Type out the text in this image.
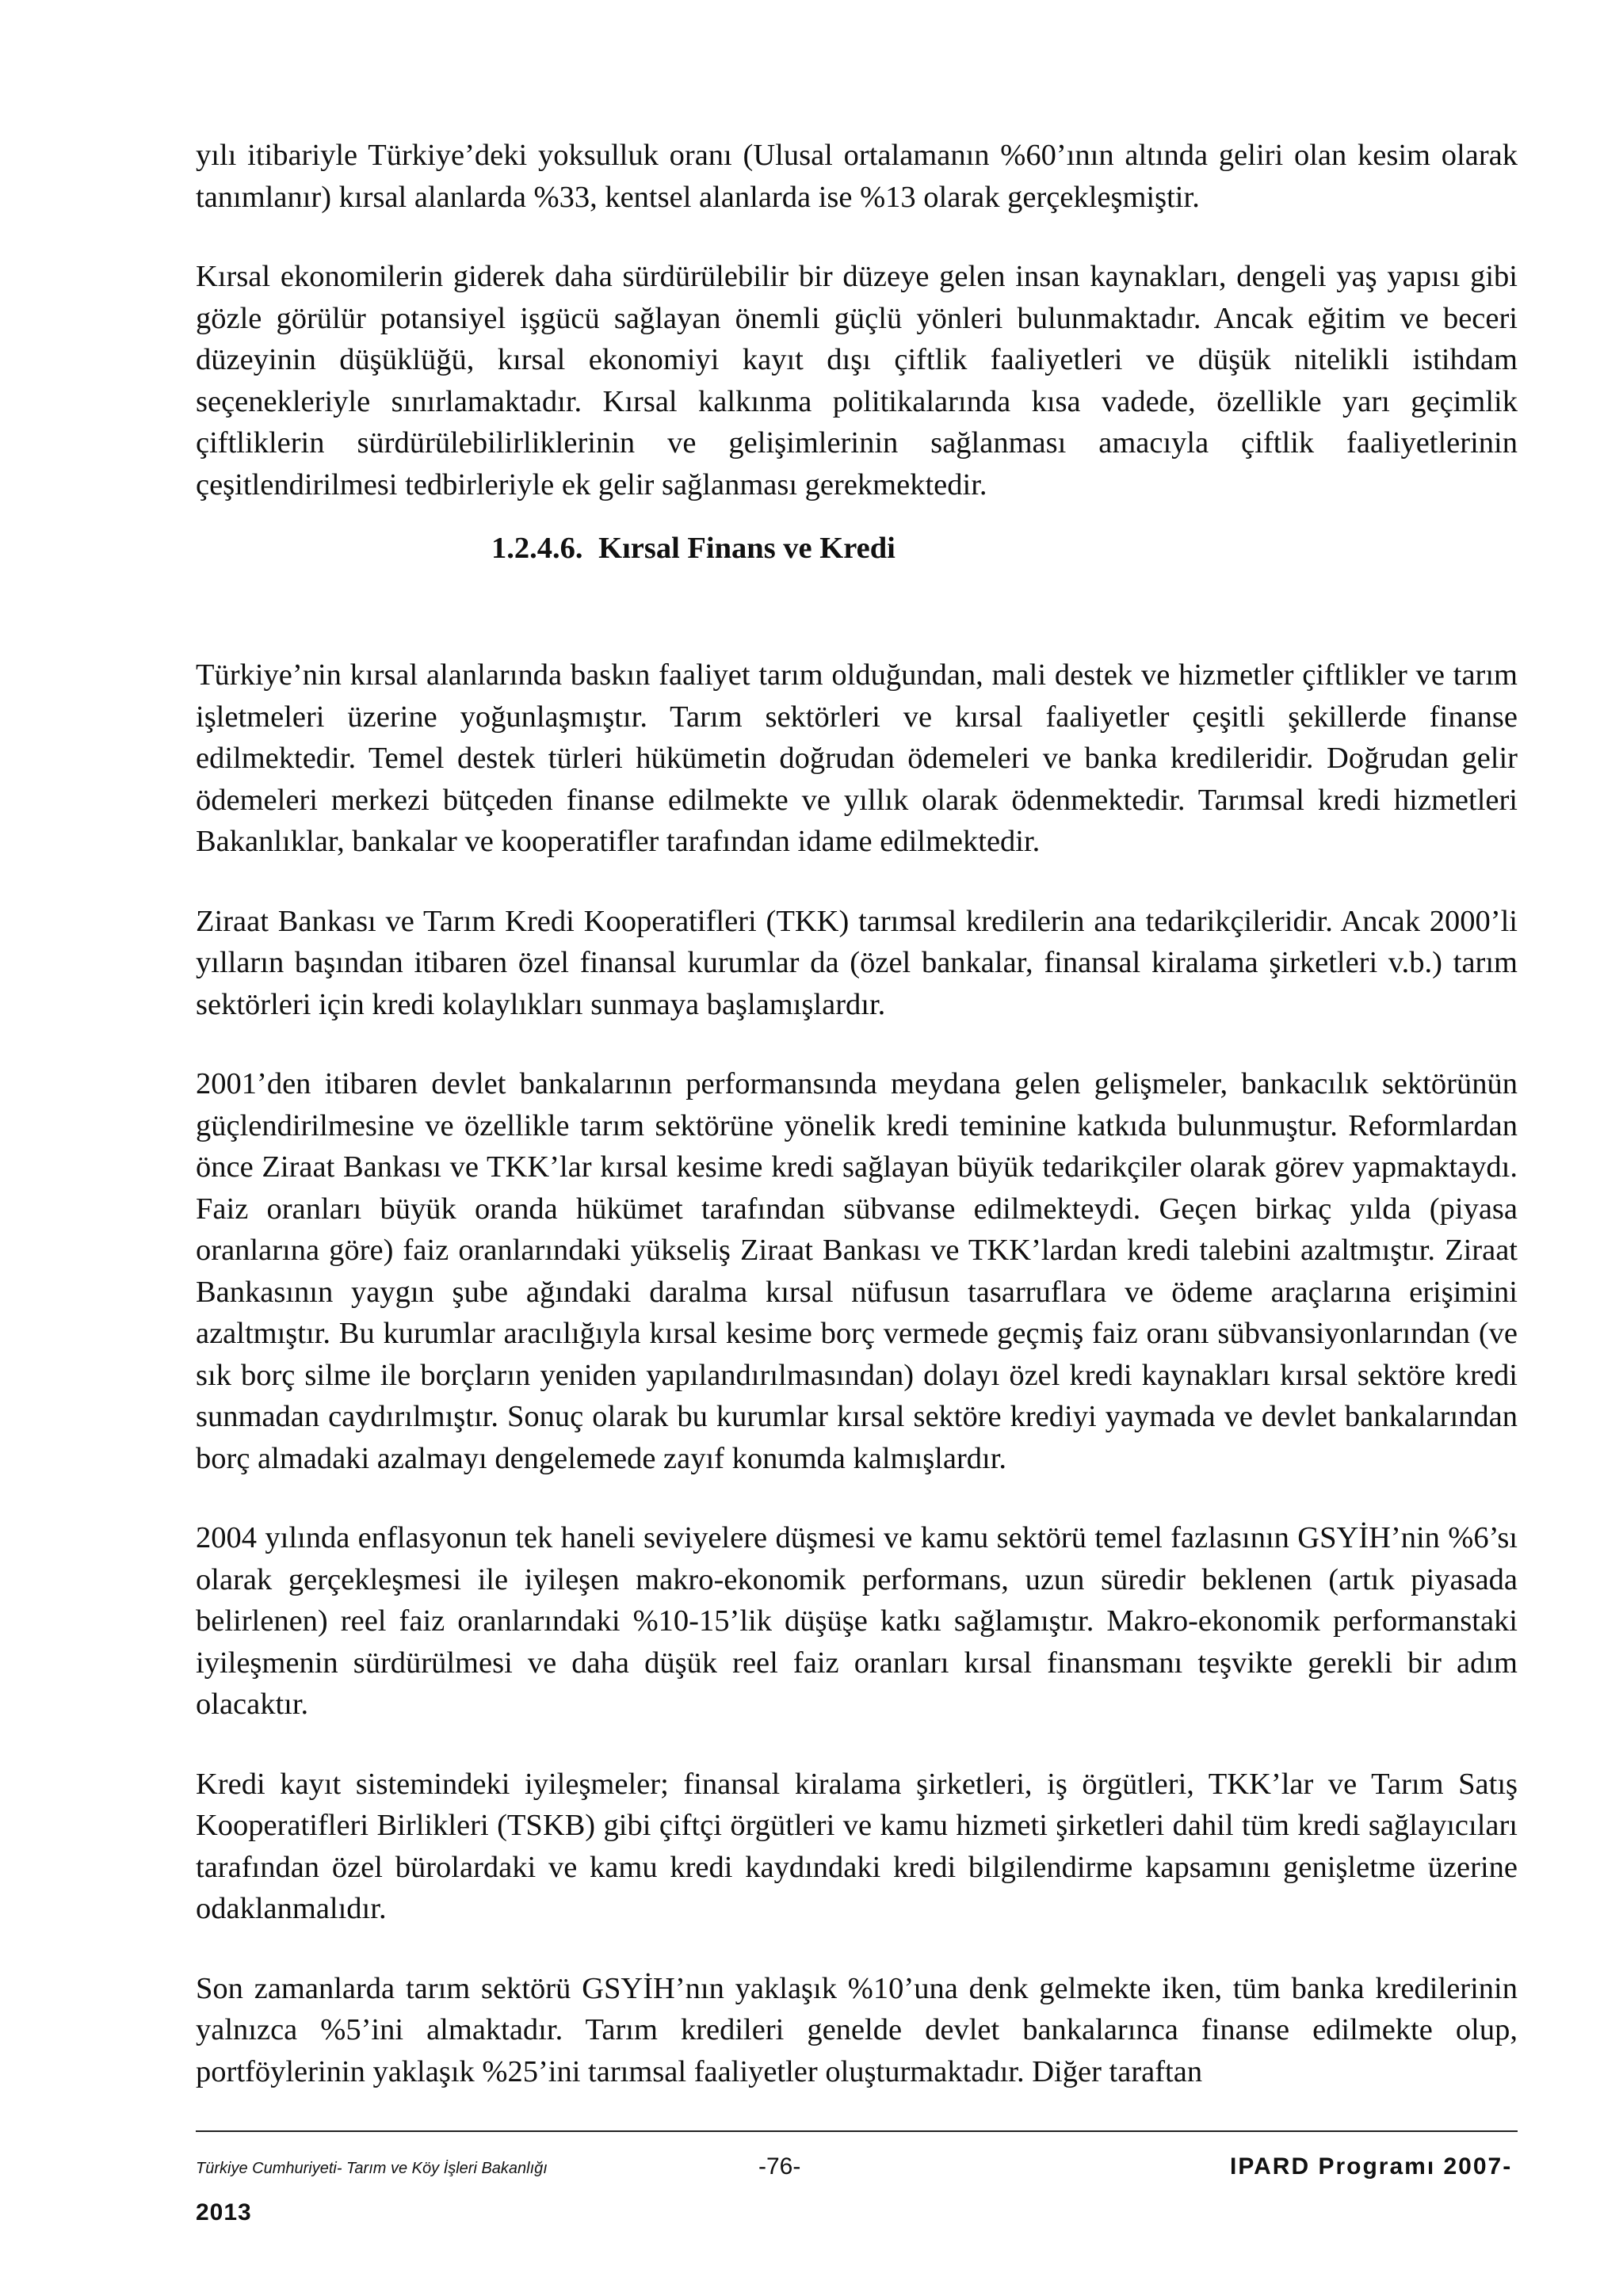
yılı itibariyle Türkiye’deki yoksulluk oranı (Ulusal ortalamanın %60’ının altında geliri olan kesim olarak tanımlanır) kırsal alanlarda %33, kentsel alanlarda ise %13 olarak gerçekleşmiştir.

Kırsal ekonomilerin giderek daha sürdürülebilir bir düzeye gelen insan kaynakları, dengeli yaş yapısı gibi gözle görülür potansiyel işgücü sağlayan önemli güçlü yönleri bulunmaktadır. Ancak eğitim ve beceri düzeyinin düşüklüğü, kırsal ekonomiyi kayıt dışı çiftlik faaliyetleri ve düşük nitelikli istihdam seçenekleriyle sınırlamaktadır. Kırsal kalkınma politikalarında kısa vadede, özellikle yarı geçimlik çiftliklerin sürdürülebilirliklerinin ve gelişimlerinin sağlanması amacıyla çiftlik faaliyetlerinin çeşitlendirilmesi tedbirleriyle ek gelir sağlanması gerekmektedir.

1.2.4.6. Kırsal Finans ve Kredi

Türkiye’nin kırsal alanlarında baskın faaliyet tarım olduğundan, mali destek ve hizmetler çiftlikler ve tarım işletmeleri üzerine yoğunlaşmıştır. Tarım sektörleri ve kırsal faaliyetler çeşitli şekillerde finanse edilmektedir. Temel destek türleri hükümetin doğrudan ödemeleri ve banka kredileridir. Doğrudan gelir ödemeleri merkezi bütçeden finanse edilmekte ve yıllık olarak ödenmektedir. Tarımsal kredi hizmetleri Bakanlıklar, bankalar ve kooperatifler tarafından idame edilmektedir.

Ziraat Bankası ve Tarım Kredi Kooperatifleri (TKK) tarımsal kredilerin ana tedarikçileridir. Ancak 2000’li yılların başından itibaren özel finansal kurumlar da (özel bankalar, finansal kiralama şirketleri v.b.) tarım sektörleri için kredi kolaylıkları sunmaya başlamışlardır.

2001’den itibaren devlet bankalarının performansında meydana gelen gelişmeler, bankacılık sektörünün güçlendirilmesine ve özellikle tarım sektörüne yönelik kredi teminine katkıda bulunmuştur. Reformlardan önce Ziraat Bankası ve TKK’lar kırsal kesime kredi sağlayan büyük tedarikçiler olarak görev yapmaktaydı. Faiz oranları büyük oranda hükümet tarafından sübvanse edilmekteydi. Geçen birkaç yılda (piyasa oranlarına göre) faiz oranlarındaki yükseliş Ziraat Bankası ve TKK’lardan kredi talebini azaltmıştır. Ziraat Bankasının yaygın şube ağındaki daralma kırsal nüfusun tasarruflara ve ödeme araçlarına erişimini azaltmıştır. Bu kurumlar aracılığıyla kırsal kesime borç vermede geçmiş faiz oranı sübvansiyonlarından (ve sık borç silme ile borçların yeniden yapılandırılmasından) dolayı özel kredi kaynakları kırsal sektöre kredi sunmadan caydırılmıştır. Sonuç olarak bu kurumlar kırsal sektöre krediyi yaymada ve devlet bankalarından borç almadaki azalmayı dengelemede zayıf konumda kalmışlardır.

2004 yılında enflasyonun tek haneli seviyelere düşmesi ve kamu sektörü temel fazlasının GSYİH’nin %6’sı olarak gerçekleşmesi ile iyileşen makro-ekonomik performans, uzun süredir beklenen (artık piyasada belirlenen) reel faiz oranlarındaki %10-15’lik düşüşe katkı sağlamıştır. Makro-ekonomik performanstaki iyileşmenin sürdürülmesi ve daha düşük reel faiz oranları kırsal finansmanı teşvikte gerekli bir adım olacaktır.

Kredi kayıt sistemindeki iyileşmeler; finansal kiralama şirketleri, iş örgütleri, TKK’lar ve Tarım Satış Kooperatifleri Birlikleri (TSKB) gibi çiftçi örgütleri ve kamu hizmeti şirketleri dahil tüm kredi sağlayıcıları tarafından özel bürolardaki ve kamu kredi kaydındaki kredi bilgilendirme kapsamını genişletme üzerine odaklanmalıdır.

Son zamanlarda tarım sektörü GSYİH’nın yaklaşık %10’una denk gelmekte iken, tüm banka kredilerinin yalnızca %5’ini almaktadır. Tarım kredileri genelde devlet bankalarınca finanse edilmekte olup, portföylerinin yaklaşık %25’ini tarımsal faaliyetler oluşturmaktadır. Diğer taraftan

Türkiye Cumhuriyeti- Tarım ve Köy İşleri Bakanlığı	-76-	IPARD Programı 2007-
2013
